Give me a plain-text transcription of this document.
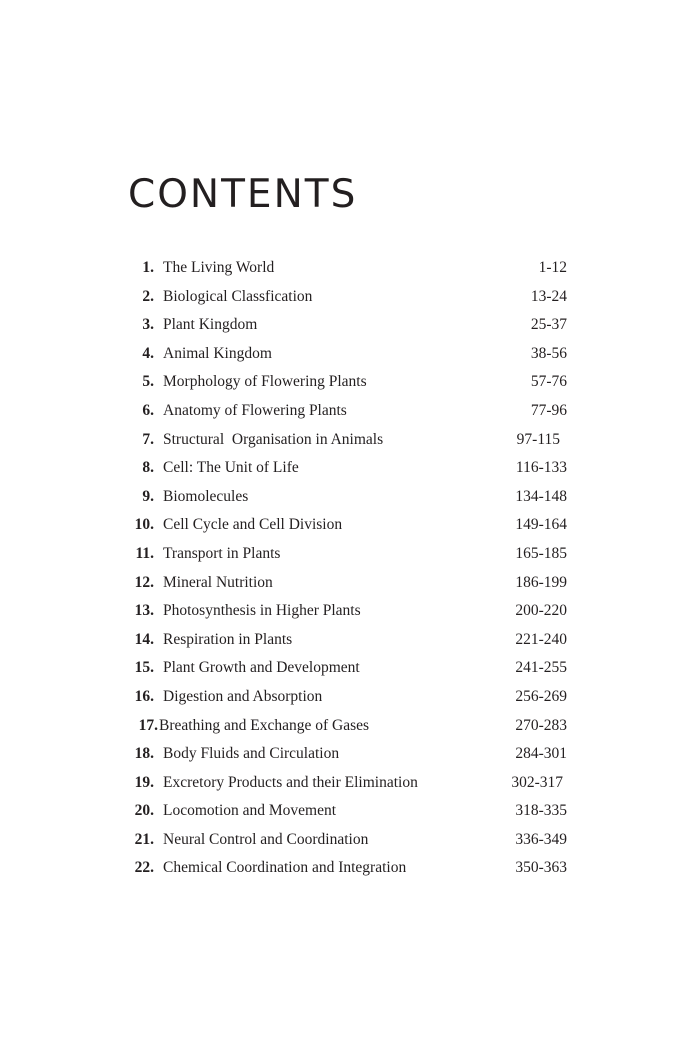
CONTENTS
1. The Living World	1-12
2. Biological Classfication	13-24
3. Plant Kingdom	25-37
4. Animal Kingdom	38-56
5. Morphology of Flowering Plants	57-76
6. Anatomy of Flowering Plants	77-96
7. Structural  Organisation in Animals	97-115
8. Cell: The Unit of Life	116-133
9. Biomolecules	134-148
10. Cell Cycle and Cell Division	149-164
11. Transport in Plants	165-185
12. Mineral Nutrition	186-199
13. Photosynthesis in Higher Plants	200-220
14. Respiration in Plants	221-240
15. Plant Growth and Development	241-255
16. Digestion and Absorption	256-269
17. Breathing and Exchange of Gases	270-283
18. Body Fluids and Circulation	284-301
19. Excretory Products and their Elimination	302-317
20. Locomotion and Movement	318-335
21. Neural Control and Coordination	336-349
22. Chemical Coordination and Integration	350-363
